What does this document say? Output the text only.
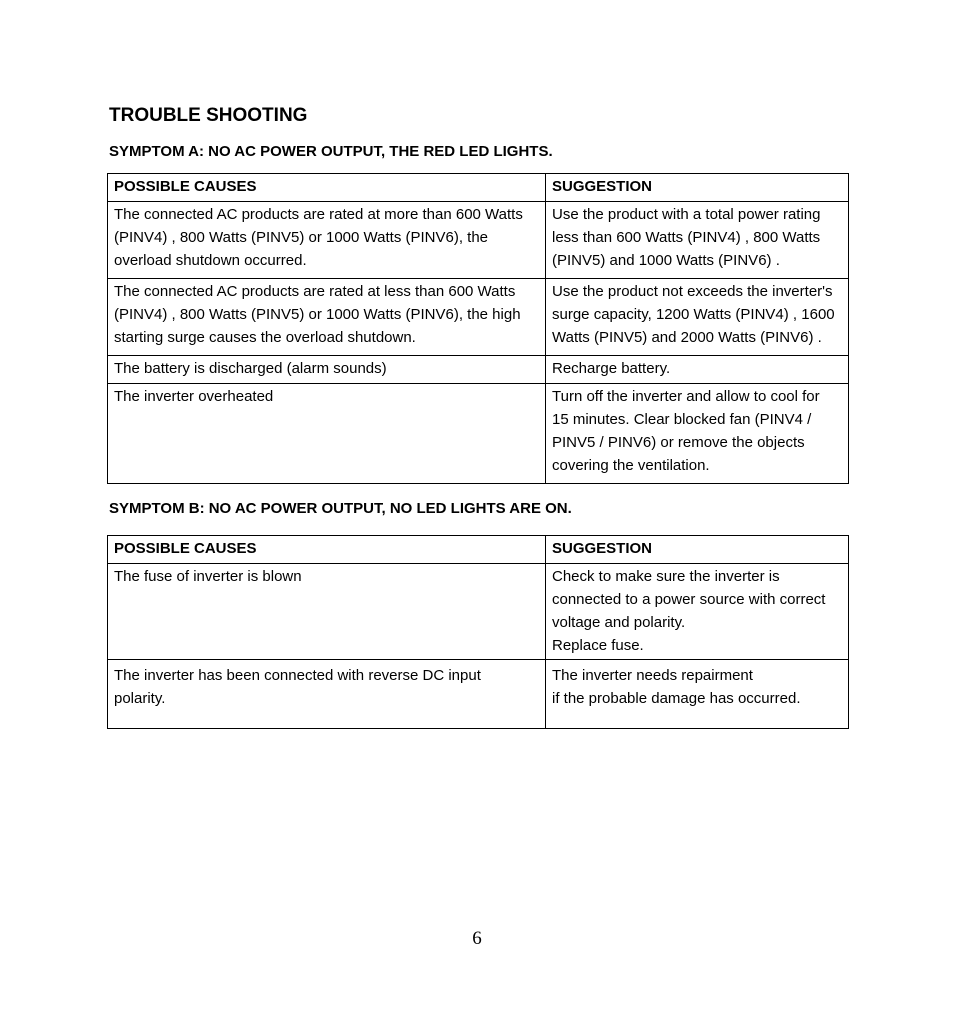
TROUBLE SHOOTING
SYMPTOM A: NO AC POWER OUTPUT, THE RED LED LIGHTS.
POSSIBLE CAUSES	SUGGESTION

The connected AC products are rated at more than 600 Watts
(PINV4) , 800 Watts (PINV5) or 1000 Watts (PINV6), the
overload shutdown occurred.	Use the product with a total power rating
less than 600 Watts (PINV4) , 800 Watts
(PINV5) and 1000 Watts (PINV6) .

The connected AC products are rated at less than 600 Watts
(PINV4) , 800 Watts (PINV5) or 1000 Watts (PINV6), the high
starting surge causes the overload shutdown.	Use the product not exceeds the inverter's
surge capacity, 1200 Watts (PINV4) , 1600
Watts (PINV5) and 2000 Watts (PINV6) .

The battery is discharged (alarm sounds)	Recharge battery.

The inverter overheated	Turn off the inverter and allow to cool for
15 minutes. Clear blocked fan (PINV4 /
PINV5 / PINV6) or remove the objects
covering the ventilation.
SYMPTOM B: NO AC POWER OUTPUT, NO LED LIGHTS ARE ON.
POSSIBLE CAUSES	SUGGESTION

The fuse of inverter is blown	Check to make sure the inverter is
connected to a power source with correct
voltage and polarity.
Replace fuse.

The inverter has been connected with reverse DC input
polarity.	The inverter needs repairment
if the probable damage has occurred.

6
